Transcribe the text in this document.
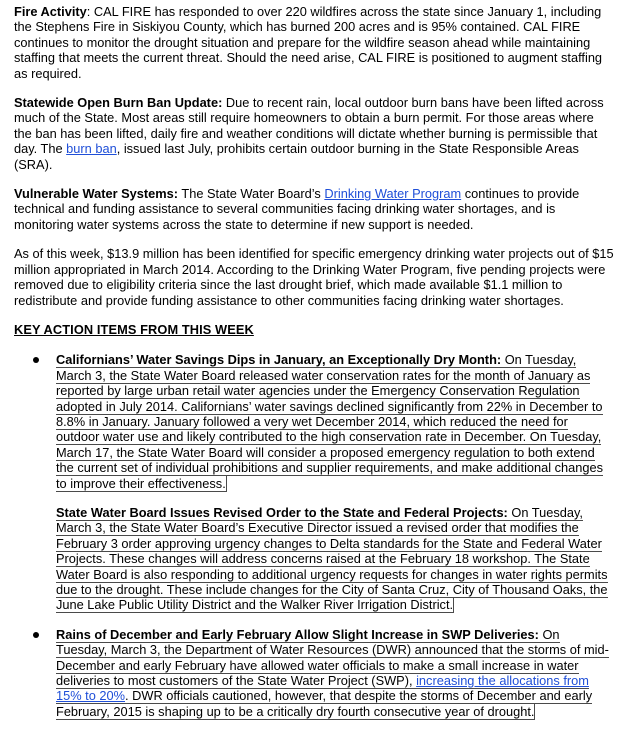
Fire Activity: CAL FIRE has responded to over 220 wildfires across the state since January 1, including the Stephens Fire in Siskiyou County, which has burned 200 acres and is 95% contained. CAL FIRE continues to monitor the drought situation and prepare for the wildfire season ahead while maintaining staffing that meets the current threat. Should the need arise, CAL FIRE is positioned to augment staffing as required.

Statewide Open Burn Ban Update: Due to recent rain, local outdoor burn bans have been lifted across much of the State. Most areas still require homeowners to obtain a burn permit. For those areas where the ban has been lifted, daily fire and weather conditions will dictate whether burning is permissible that day. The burn ban, issued last July, prohibits certain outdoor burning in the State Responsible Areas (SRA).

Vulnerable Water Systems: The State Water Board’s Drinking Water Program continues to provide technical and funding assistance to several communities facing drinking water shortages, and is monitoring water systems across the state to determine if new support is needed.

As of this week, $13.9 million has been identified for specific emergency drinking water projects out of $15 million appropriated in March 2014. According to the Drinking Water Program, five pending projects were removed due to eligibility criteria since the last drought brief, which made available $1.1 million to redistribute and provide funding assistance to other communities facing drinking water shortages.

KEY ACTION ITEMS FROM THIS WEEK
Californians’ Water Savings Dips in January, an Exceptionally Dry Month: On Tuesday, March 3, the State Water Board released water conservation rates for the month of January as reported by large urban retail water agencies under the Emergency Conservation Regulation adopted in July 2014. Californians’ water savings declined significantly from 22% in December to 8.8% in January. January followed a very wet December 2014, which reduced the need for outdoor water use and likely contributed to the high conservation rate in December. On Tuesday, March 17, the State Water Board will consider a proposed emergency regulation to both extend the current set of individual prohibitions and supplier requirements, and make additional changes to improve their effectiveness.
State Water Board Issues Revised Order to the State and Federal Projects: On Tuesday, March 3, the State Water Board’s Executive Director issued a revised order that modifies the February 3 order approving urgency changes to Delta standards for the State and Federal Water Projects. These changes will address concerns raised at the February 18 workshop. The State Water Board is also responding to additional urgency requests for changes in water rights permits due to the drought. These include changes for the City of Santa Cruz, City of Thousand Oaks, the June Lake Public Utility District and the Walker River Irrigation District.
Rains of December and Early February Allow Slight Increase in SWP Deliveries: On Tuesday, March 3, the Department of Water Resources (DWR) announced that the storms of mid-December and early February have allowed water officials to make a small increase in water deliveries to most customers of the State Water Project (SWP), increasing the allocations from 15% to 20%. DWR officials cautioned, however, that despite the storms of December and early February, 2015 is shaping up to be a critically dry fourth consecutive year of drought.
